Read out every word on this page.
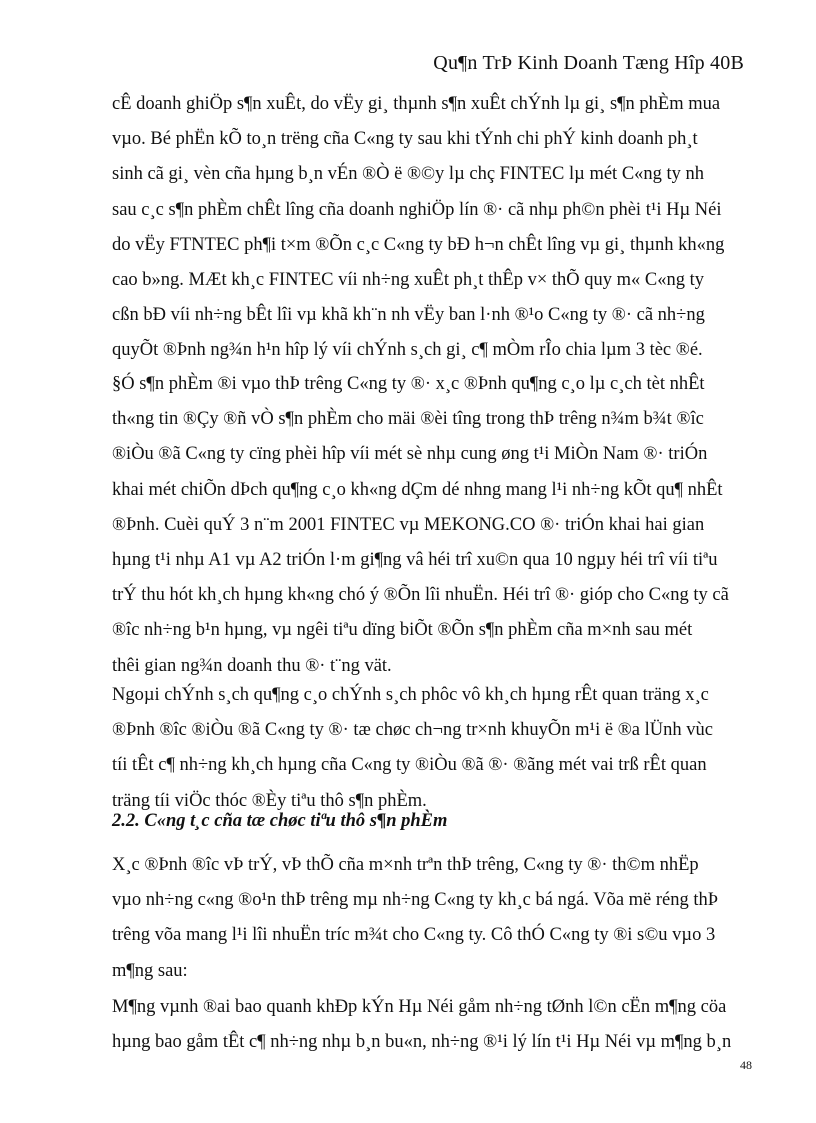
Qu¶n TrÞ Kinh Doanh Tæng Hîp 40B
cÊ doanh ghiÖp s¶n xuÊt, do vËy gi¸ thµnh s¶n xuÊt chÝnh lµ gi¸ s¶n phÈm mua
vµo. Bé phËn kÕ to¸n trëng cña C«ng ty sau khi tÝnh chi phÝ kinh doanh ph¸t
sinh cã gi¸ vèn cña hµng b¸n vÉn ®Ò ë ®©y lµ chç FINTEC lµ mét C«ng ty nh
sau c¸c s¶n phÈm chÊt lîng cña doanh nghiÖp lín ®· cã nhµ ph©n phèi t¹i Hµ Néi
do vËy FTNTEC ph¶i t×m ®Õn c¸c C«ng ty bÐ h¬n chÊt lîng vµ gi¸ thµnh kh«ng
cao b»ng. MÆt kh¸c FINTEC víi nh÷ng xuÊt ph¸t thÊp v× thÕ quy m« C«ng ty
cßn bÐ víi nh÷ng bÊt lîi vµ khã kh¨n nh vËy ban l·nh ®¹o C«ng ty ®· cã nh÷ng
quyÕt ®Þnh ng¾n h¹n hîp lý víi chÝnh s¸ch gi¸ c¶ mÒm rÎo chia lµm 3 tèc ®é.
§Ó s¶n phÈm ®i vµo thÞ trêng C«ng ty ®· x¸c ®Þnh qu¶ng c¸o lµ c¸ch tèt nhÊt
th«ng tin ®Çy ®ñ vÒ s¶n phÈm cho mäi ®èi tîng trong thÞ trêng n¾m b¾t ®îc
®iÒu ®ã C«ng ty cïng phèi hîp víi mét sè nhµ cung øng t¹i MiÒn Nam ®· triÓn
khai mét chiÕn dÞch qu¶ng c¸o kh«ng dÇm dé nhng mang l¹i nh÷ng kÕt qu¶ nhÊt
®Þnh. Cuèi quÝ 3 n¨m 2001 FINTEC vµ MEKONG.CO ®· triÓn khai hai gian
hµng t¹i nhµ A1 vµ A2 triÓn l·m gi¶ng vâ héi trî xu©n qua 10 ngµy héi trî víi tiªu
trÝ thu hót kh¸ch hµng kh«ng chó ý ®Õn lîi nhuËn. Héi trî ®· gióp cho C«ng ty cã
®îc nh÷ng b¹n hµng, vµ ngêi tiªu dïng biÕt ®Õn s¶n phÈm cña m×nh sau mét
thêi gian ng¾n doanh thu ®· t¨ng vät.
Ngoµi chÝnh s¸ch qu¶ng c¸o chÝnh s¸ch phôc vô kh¸ch hµng rÊt quan träng x¸c
®Þnh ®îc ®iÒu ®ã C«ng ty ®· tæ chøc ch¬ng tr×nh khuyÕn m¹i ë ®a lÜnh vùc
tíi tÊt c¶ nh÷ng kh¸ch hµng cña C«ng ty ®iÒu ®ã ®· ®ãng mét vai trß rÊt quan
träng tíi viÖc thóc ®Èy tiªu thô s¶n phÈm.
2.2. C«ng t¸c cña tæ chøc tiªu thô s¶n phÈm
X¸c ®Þnh ®îc vÞ trÝ, vÞ thÕ cña m×nh trªn thÞ trêng, C«ng ty ®· th©m nhËp
vµo nh÷ng c«ng ®o¹n thÞ trêng mµ nh÷ng C«ng ty kh¸c bá ngá. Võa më réng thÞ
trêng võa mang l¹i lîi nhuËn tríc m¾t cho C«ng ty. Cô thÓ C«ng ty ®i s©u vµo 3
m¶ng sau:
M¶ng vµnh ®ai bao quanh khÐp kÝn Hµ Néi gåm nh÷ng tØnh l©n cËn m¶ng cöa
hµng bao gåm tÊt c¶ nh÷ng nhµ b¸n bu«n, nh÷ng ®¹i lý lín t¹i Hµ Néi vµ m¶ng b¸n
48
